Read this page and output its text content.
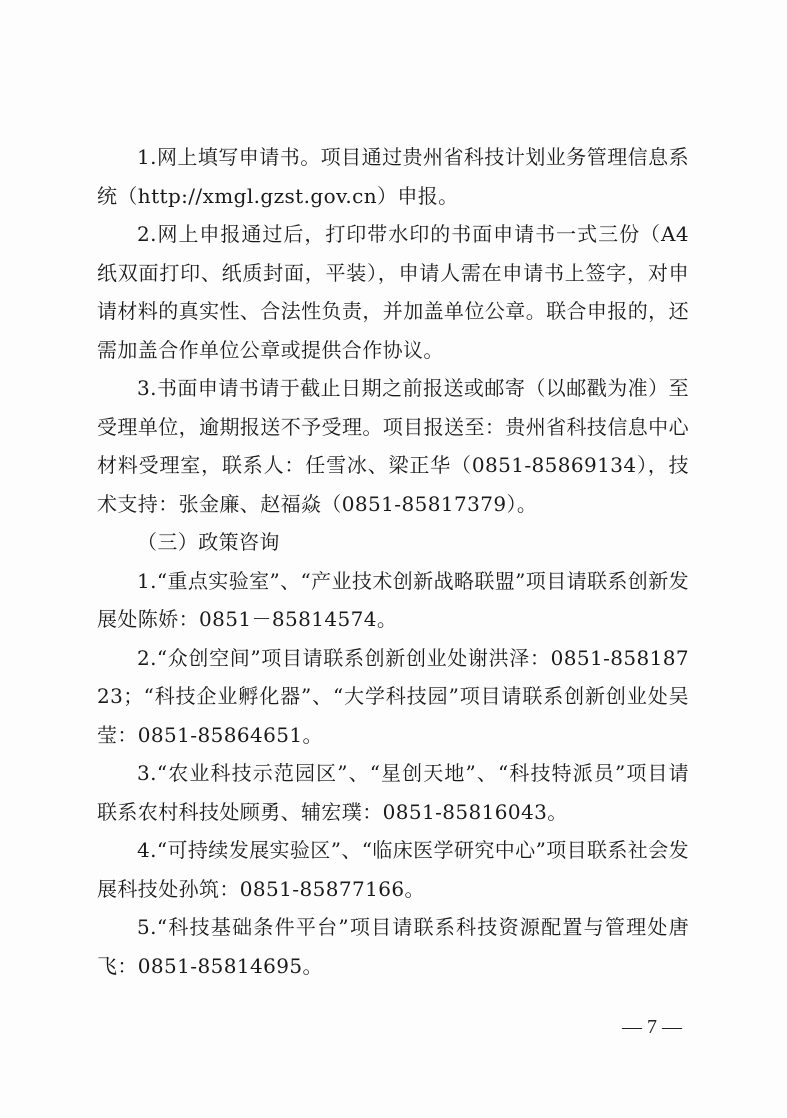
1.网上填写申请书。项目通过贵州省科技计划业务管理信息系统（http://xmgl.gzst.gov.cn）申报。

2.网上申报通过后，打印带水印的书面申请书一式三份（A4纸双面打印、纸质封面，平装），申请人需在申请书上签字，对申请材料的真实性、合法性负责，并加盖单位公章。联合申报的，还需加盖合作单位公章或提供合作协议。

3.书面申请书请于截止日期之前报送或邮寄（以邮戳为准）至受理单位，逾期报送不予受理。项目报送至：贵州省科技信息中心材料受理室，联系人：任雪冰、梁正华（0851-85869134），技术支持：张金廉、赵福焱（0851-85817379）。

（三）政策咨询

1.“重点实验室”、“产业技术创新战略联盟”项目请联系创新发展处陈娇：0851－85814574。

2.“众创空间”项目请联系创新创业处谢洪泽：0851-85818723；“科技企业孵化器”、“大学科技园”项目请联系创新创业处吴莹：0851-85864651。

3.“农业科技示范园区”、“星创天地”、“科技特派员”项目请联系农村科技处顾勇、辅宏璞：0851-85816043。

4.“可持续发展实验区”、“临床医学研究中心”项目联系社会发展科技处孙筑：0851-85877166。

5.“科技基础条件平台”项目请联系科技资源配置与管理处唐飞：0851-85814695。

— 7 —
